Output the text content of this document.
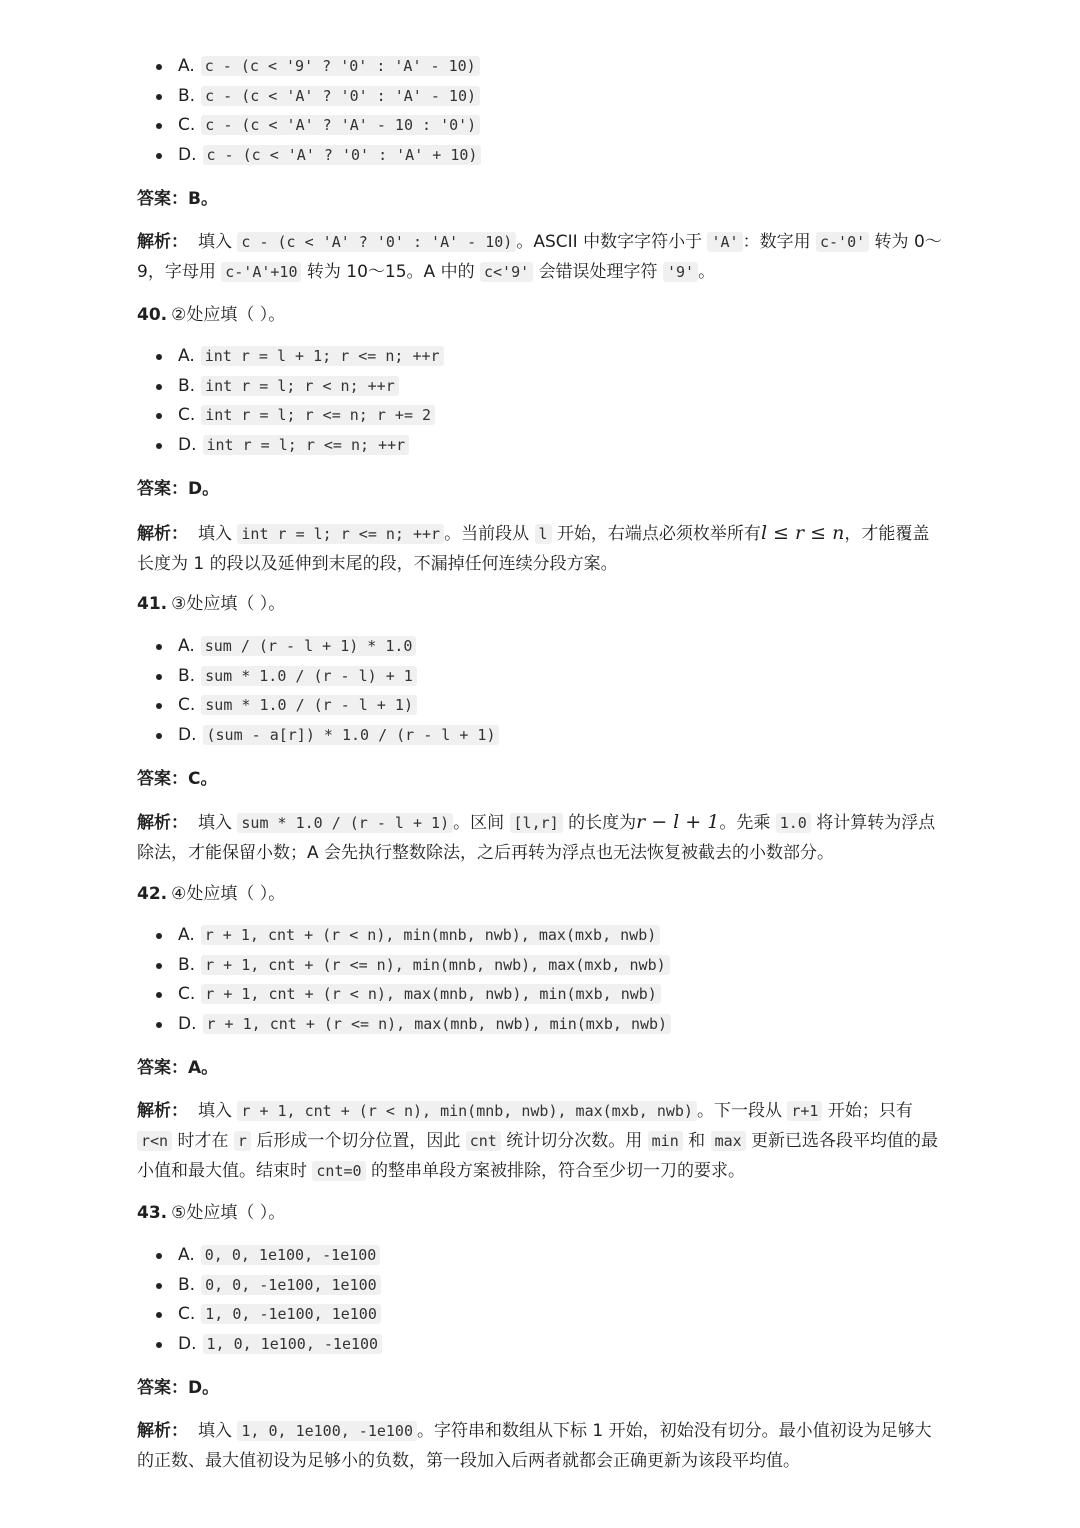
A. c - (c < '9' ? '0' : 'A' - 10)
B. c - (c < 'A' ? '0' : 'A' - 10)
C. c - (c < 'A' ? 'A' - 10 : '0')
D. c - (c < 'A' ? '0' : 'A' + 10)
答案：B。
解析： 填入 c - (c < 'A' ? '0' : 'A' - 10) 。ASCII 中数字字符小于 'A' ：数字用 c-'0' 转为 0～9，字母用 c-'A'+10 转为 10～15。A 中的 c<'9' 会错误处理字符 '9' 。
40. ②处应填（ ）。
A. int r = l + 1; r <= n; ++r
B. int r = l; r < n; ++r
C. int r = l; r <= n; r += 2
D. int r = l; r <= n; ++r
答案：D。
解析： 填入 int r = l; r <= n; ++r 。当前段从 l 开始，右端点必须枚举所有l ≤ r ≤ n，才能覆盖长度为 1 的段以及延伸到末尾的段，不漏掉任何连续分段方案。
41. ③处应填（ ）。
A. sum / (r - l + 1) * 1.0
B. sum * 1.0 / (r - l) + 1
C. sum * 1.0 / (r - l + 1)
D. (sum - a[r]) * 1.0 / (r - l + 1)
答案：C。
解析： 填入 sum * 1.0 / (r - l + 1) 。区间 [l,r] 的长度为r − l + 1。先乘 1.0 将计算转为浮点除法，才能保留小数；A 会先执行整数除法，之后再转为浮点也无法恢复被截去的小数部分。
42. ④处应填（ ）。
A. r + 1, cnt + (r < n), min(mnb, nwb), max(mxb, nwb)
B. r + 1, cnt + (r <= n), min(mnb, nwb), max(mxb, nwb)
C. r + 1, cnt + (r < n), max(mnb, nwb), min(mxb, nwb)
D. r + 1, cnt + (r <= n), max(mnb, nwb), min(mxb, nwb)
答案：A。
解析： 填入 r + 1, cnt + (r < n), min(mnb, nwb), max(mxb, nwb) 。下一段从 r+1 开始；只有 r<n 时才在 r 后形成一个切分位置，因此 cnt 统计切分次数。用 min 和 max 更新已选各段平均值的最小值和最大值。结束时 cnt=0 的整串单段方案被排除，符合至少切一刀的要求。
43. ⑤处应填（ ）。
A. 0, 0, 1e100, -1e100
B. 0, 0, -1e100, 1e100
C. 1, 0, -1e100, 1e100
D. 1, 0, 1e100, -1e100
答案：D。
解析： 填入 1, 0, 1e100, -1e100 。字符串和数组从下标 1 开始，初始没有切分。最小值初设为足够大的正数、最大值初设为足够小的负数，第一段加入后两者就都会正确更新为该段平均值。
